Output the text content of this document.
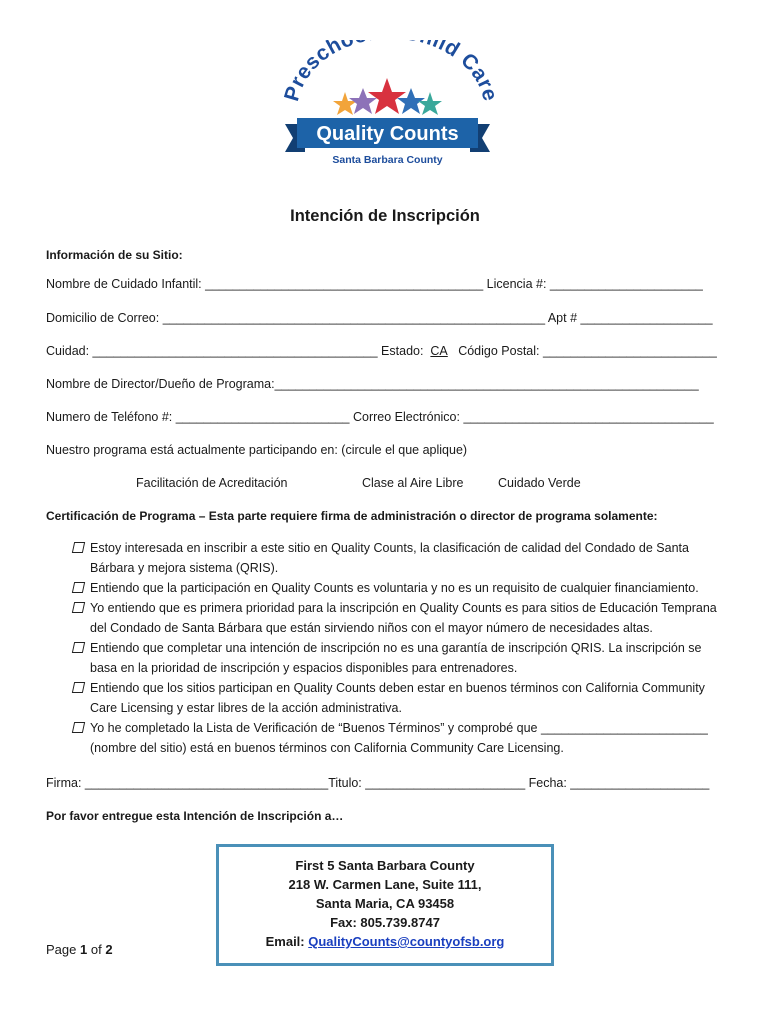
Prescho ild Care
Quality Counts
Santa Barbara County
Intención de Inscripción
Información de su Sitio:
Nombre de Cuidado Infantil: ________________________________________ Licencia #: ______________________
Domicilio de Correo: _______________________________________________________ Apt # ___________________
Cuidad: _________________________________________ Estado: CA Código Postal: _________________________
Nombre de Director/Dueño de Programa:_____________________________________________________________
Numero de Teléfono #: _________________________ Correo Electrónico: ____________________________________
Nuestro programa está actualmente participando en: (circule el que aplique)
Facilitación de Acreditación	Clase al Aire Libre	Cuidado Verde
Certificación de Programa – Esta parte requiere firma de administración o director de programa solamente:
Estoy interesada en inscribir a este sitio en Quality Counts, la clasificación de calidad del Condado de Santa
Bárbara y mejora sistema (QRIS).
Entiendo que la participación en Quality Counts es voluntaria y no es un requisito de cualquier financiamiento.
Yo entiendo que es primera prioridad para la inscripción en Quality Counts es para sitios de Educación Temprana
del Condado de Santa Bárbara que están sirviendo niños con el mayor número de necesidades altas.
Entiendo que completar una intención de inscripción no es una garantía de inscripción QRIS. La inscripción se
basa en la prioridad de inscripción y espacios disponibles para entrenadores.
Entiendo que los sitios participan en Quality Counts deben estar en buenos términos con California Community
Care Licensing y estar libres de la acción administrativa.
Yo he completado la Lista de Verificación de “Buenos Términos” y comprobé que ________________________
(nombre del sitio) está en buenos términos con California Community Care Licensing.
Firma: ___________________________________Titulo: _______________________ Fecha: ____________________
Por favor entregue esta Intención de Inscripción a…
First 5 Santa Barbara County
218 W. Carmen Lane, Suite 111,
Santa Maria, CA 93458
Fax: 805.739.8747
Email: QualityCounts@countyofsb.org
Page 1 of 2
